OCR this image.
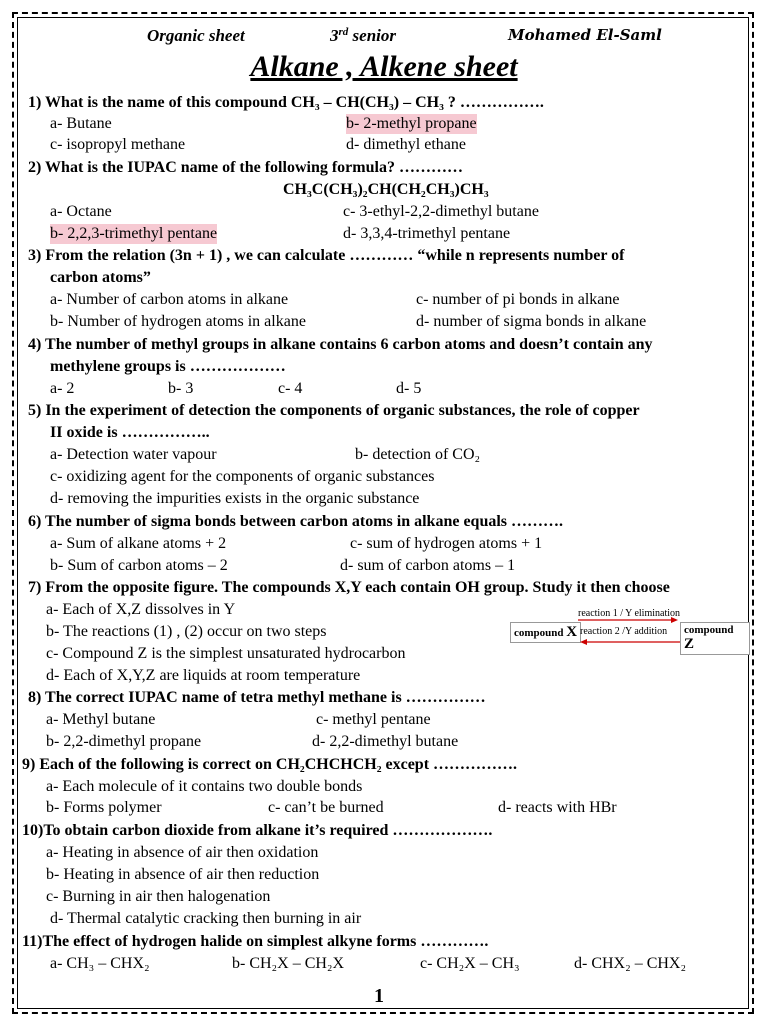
Organic sheet	3rd senior	Mohamed El-Saml
Alkane , Alkene sheet
1) What is the name of this compound CH₃ – CH(CH₃) – CH₃ ? …………….
a- Butane	b- 2-methyl propane
c- isopropyl methane	d- dimethyl ethane
2) What is the IUPAC name of the following formula? …………
CH₃C(CH₃)₂CH(CH₂CH₃)CH₃
a- Octane	c- 3-ethyl-2,2-dimethyl butane
b- 2,2,3-trimethyl pentane	d- 3,3,4-trimethyl pentane
3) From the relation (3n + 1) , we can calculate ………… “while n represents number of
carbon atoms”
a- Number of carbon atoms in alkane	c- number of pi bonds in alkane
b- Number of hydrogen atoms in alkane	d- number of sigma bonds in alkane
4) The number of methyl groups in alkane contains 6 carbon atoms and doesn’t contain any
methylene groups is ………………
a- 2	b- 3	c- 4	d- 5
5) In the experiment of detection the components of organic substances, the role of copper
II oxide is ……………..
a- Detection water vapour	b- detection of CO₂
c- oxidizing agent for the components of organic substances
d- removing the impurities exists in the organic substance
6) The number of sigma bonds between carbon atoms in alkane equals ……….
a- Sum of alkane atoms + 2	c- sum of hydrogen atoms + 1
b- Sum of carbon atoms – 2	d- sum of carbon atoms – 1
7) From the opposite figure. The compounds X,Y each contain OH group. Study it then choose
a- Each of X,Z dissolves in Y
b- The reactions (1) , (2) occur on two steps
c- Compound Z is the simplest unsaturated hydrocarbon
d- Each of X,Y,Z are liquids at room temperature
compound X	compound Z
reaction 1 / Y elimination
reaction 2 /Y addition
8) The correct IUPAC name of tetra methyl methane is ……………
a- Methyl butane	c- methyl pentane
b- 2,2-dimethyl propane	d- 2,2-dimethyl butane
9) Each of the following is correct on CH₂CHCHCH₂ except …………….
a- Each molecule of it contains two double bonds
b- Forms polymer	c- can’t be burned	d- reacts with HBr
10)To obtain carbon dioxide from alkane it’s required ……………….
a- Heating in absence of air then oxidation
b- Heating in absence of air then reduction
c- Burning in air then halogenation
d- Thermal catalytic cracking then burning in air
11)The effect of hydrogen halide on simplest alkyne forms ………….
a- CH₃ – CHX₂	b- CH₂X – CH₂X	c- CH₂X – CH₃	d- CHX₂ – CHX₂
1
